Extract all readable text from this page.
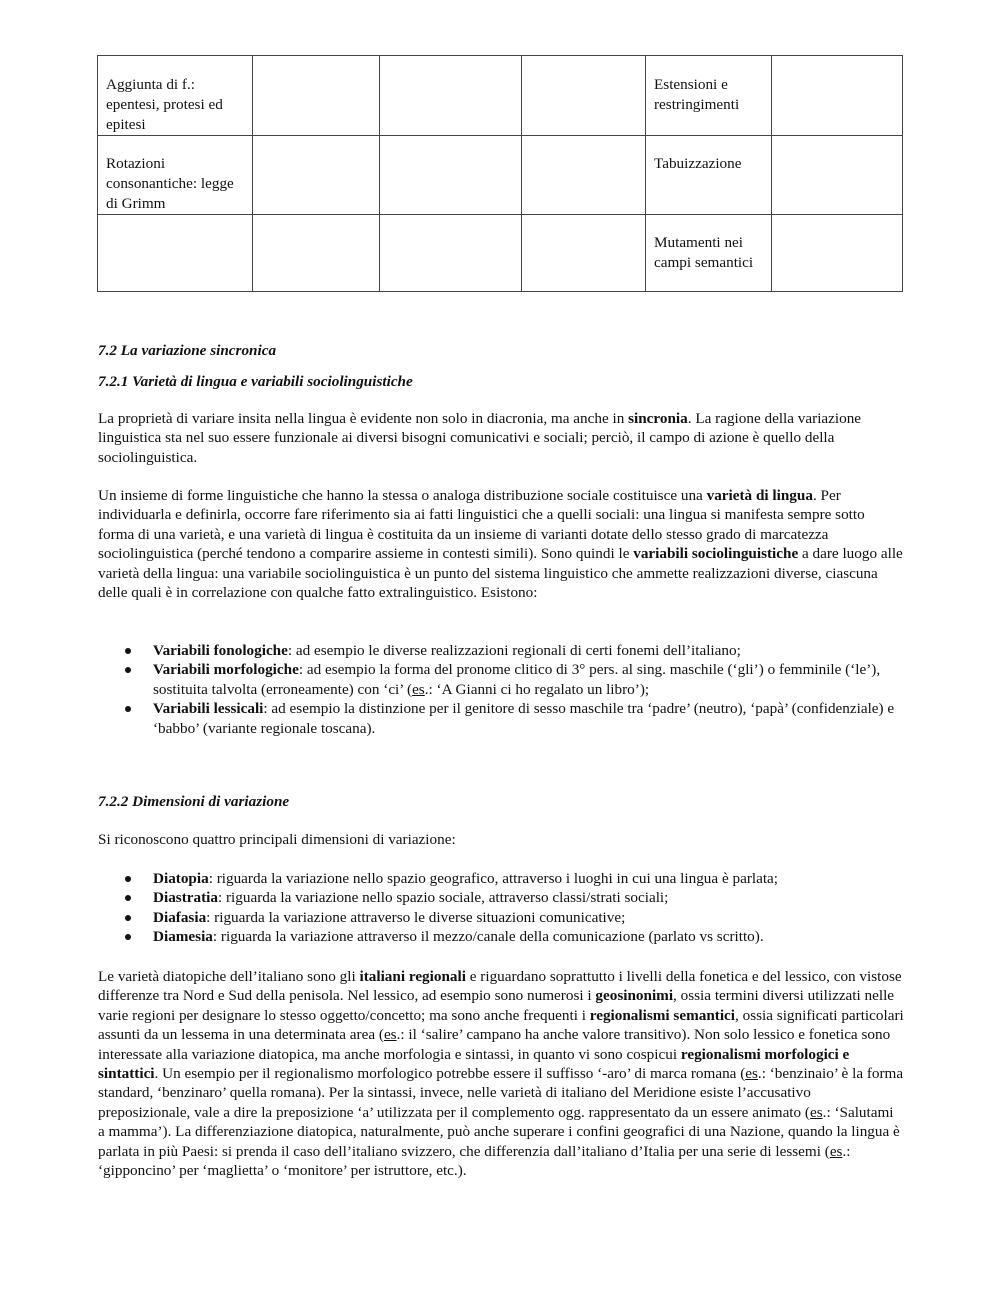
Aggiunta di f.: epentesi, protesi ed epitesi				Estensioni e restringimenti	
Rotazioni consonantiche: legge di Grimm				Tabuizzazione	
				Mutamenti nei campi semantici	
7.2 La variazione sincronica
7.2.1 Varietà di lingua e variabili sociolinguistiche
La proprietà di variare insita nella lingua è evidente non solo in diacronia, ma anche in sincronia. La ragione della variazione linguistica sta nel suo essere funzionale ai diversi bisogni comunicativi e sociali; perciò, il campo di azione è quello della sociolinguistica.
Un insieme di forme linguistiche che hanno la stessa o analoga distribuzione sociale costituisce una varietà di lingua. Per individuarla e definirla, occorre fare riferimento sia ai fatti linguistici che a quelli sociali: una lingua si manifesta sempre sotto forma di una varietà, e una varietà di lingua è costituita da un insieme di varianti dotate dello stesso grado di marcatezza sociolinguistica (perché tendono a comparire assieme in contesti simili). Sono quindi le variabili sociolinguistiche a dare luogo alle varietà della lingua: una variabile sociolinguistica è un punto del sistema linguistico che ammette realizzazioni diverse, ciascuna delle quali è in correlazione con qualche fatto extralinguistico. Esistono:
Variabili fonologiche: ad esempio le diverse realizzazioni regionali di certi fonemi dell’italiano;
Variabili morfologiche: ad esempio la forma del pronome clitico di 3° pers. al sing. maschile (‘gli’) o femminile (‘le’), sostituita talvolta (erroneamente) con ‘ci’ (es.: ‘A Gianni ci ho regalato un libro’);
Variabili lessicali: ad esempio la distinzione per il genitore di sesso maschile tra ‘padre’ (neutro), ‘papà’ (confidenziale) e ‘babbo’ (variante regionale toscana).
7.2.2 Dimensioni di variazione
Si riconoscono quattro principali dimensioni di variazione:
Diatopia: riguarda la variazione nello spazio geografico, attraverso i luoghi in cui una lingua è parlata;
Diastratia: riguarda la variazione nello spazio sociale, attraverso classi/strati sociali;
Diafasia: riguarda la variazione attraverso le diverse situazioni comunicative;
Diamesia: riguarda la variazione attraverso il mezzo/canale della comunicazione (parlato vs scritto).
Le varietà diatopiche dell’italiano sono gli italiani regionali e riguardano soprattutto i livelli della fonetica e del lessico, con vistose differenze tra Nord e Sud della penisola. Nel lessico, ad esempio sono numerosi i geosinonimi, ossia termini diversi utilizzati nelle varie regioni per designare lo stesso oggetto/concetto; ma sono anche frequenti i regionalismi semantici, ossia significati particolari assunti da un lessema in una determinata area (es.: il ‘salire’ campano ha anche valore transitivo). Non solo lessico e fonetica sono interessate alla variazione diatopica, ma anche morfologia e sintassi, in quanto vi sono cospicui regionalismi morfologici e sintattici. Un esempio per il regionalismo morfologico potrebbe essere il suffisso ‘-aro’ di marca romana (es.: ‘benzinaio’ è la forma standard, ‘benzinaro’ quella romana). Per la sintassi, invece, nelle varietà di italiano del Meridione esiste l’accusativo preposizionale, vale a dire la preposizione ‘a’ utilizzata per il complemento ogg. rappresentato da un essere animato (es.: ‘Salutami a mamma’). La differenziazione diatopica, naturalmente, può anche superare i confini geografici di una Nazione, quando la lingua è parlata in più Paesi: si prenda il caso dell’italiano svizzero, che differenzia dall’italiano d’Italia per una serie di lessemi (es.: ‘gipponcino’ per ‘maglietta’ o ‘monitore’ per istruttore, etc.).
